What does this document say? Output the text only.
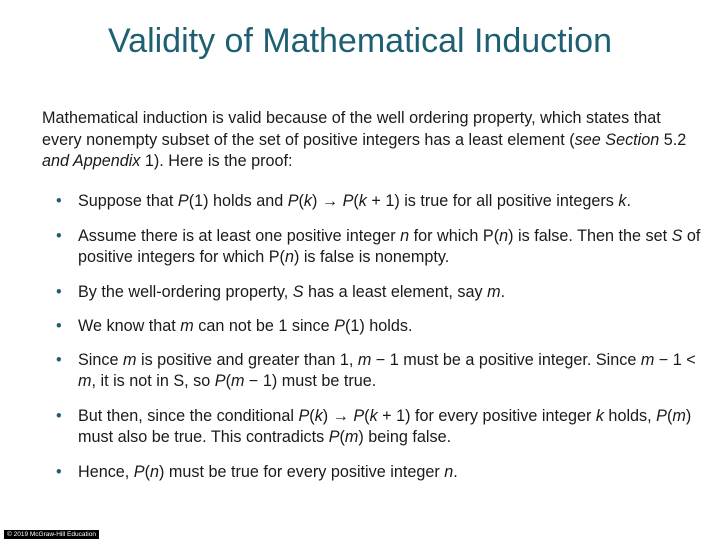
Validity of Mathematical Induction
Mathematical induction is valid because of the well ordering property, which states that every nonempty subset of the set of positive integers has a least element (see Section 5.2 and Appendix 1). Here is the proof:
• Suppose that P(1) holds and P(k) → P(k + 1) is true for all positive integers k.
• Assume there is at least one positive integer n for which P(n) is false. Then the set S of positive integers for which P(n) is false is nonempty.
• By the well-ordering property, S has a least element, say m.
• We know that m can not be 1 since P(1) holds.
• Since m is positive and greater than 1, m − 1 must be a positive integer. Since m − 1 < m, it is not in S, so P(m − 1) must be true.
• But then, since the conditional P(k) → P(k + 1) for every positive integer k holds, P(m) must also be true. This contradicts P(m) being false.
• Hence, P(n) must be true for every positive integer n.
© 2019 McGraw-Hill Education
